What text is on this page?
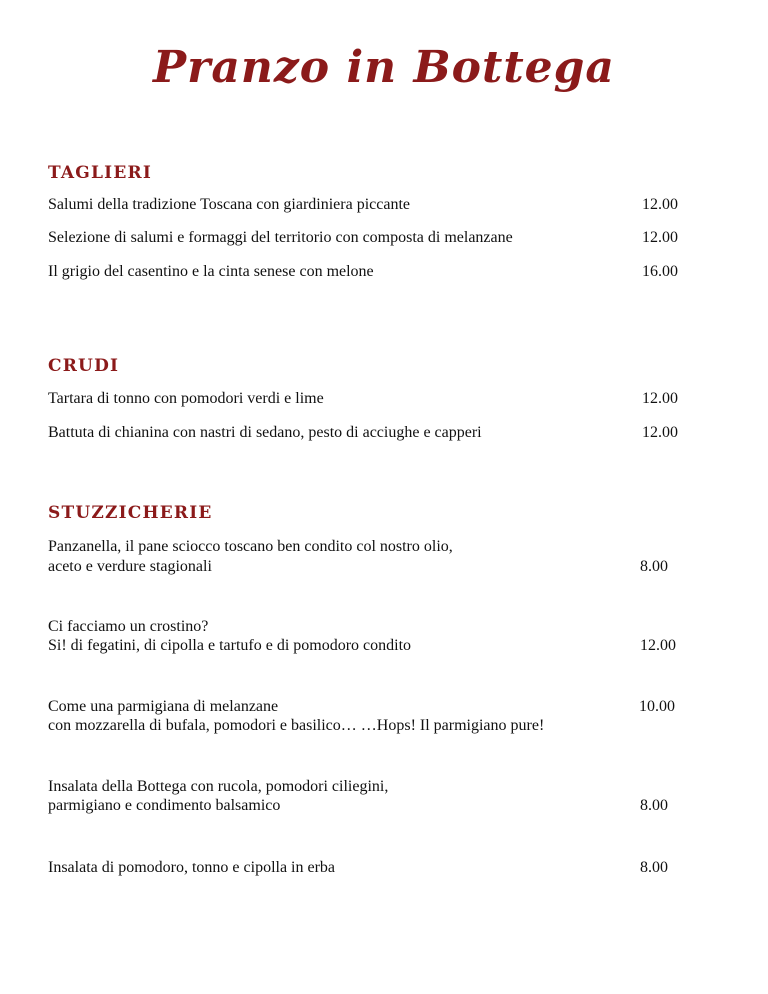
Pranzo in Bottega
TAGLIERI
Salumi della tradizione Toscana con giardiniera piccante	12.00
Selezione di salumi e formaggi del territorio con composta di melanzane	12.00
Il grigio del casentino e la cinta senese con melone	16.00
CRUDI
Tartara di tonno con pomodori verdi e lime	12.00
Battuta di chianina con nastri di sedano, pesto di acciughe e capperi	12.00
STUZZICHERIE
Panzanella, il pane sciocco toscano ben condito col nostro olio,
aceto e verdure stagionali	8.00
Ci facciamo un crostino?
Si! di fegatini, di cipolla e tartufo e di pomodoro condito	12.00
Come una parmigiana di melanzane	10.00
con mozzarella di bufala, pomodori e basilico… …Hops! Il parmigiano pure!
Insalata della Bottega con rucola, pomodori ciliegini,
parmigiano e condimento balsamico	8.00
Insalata di pomodoro, tonno e cipolla in erba	8.00
